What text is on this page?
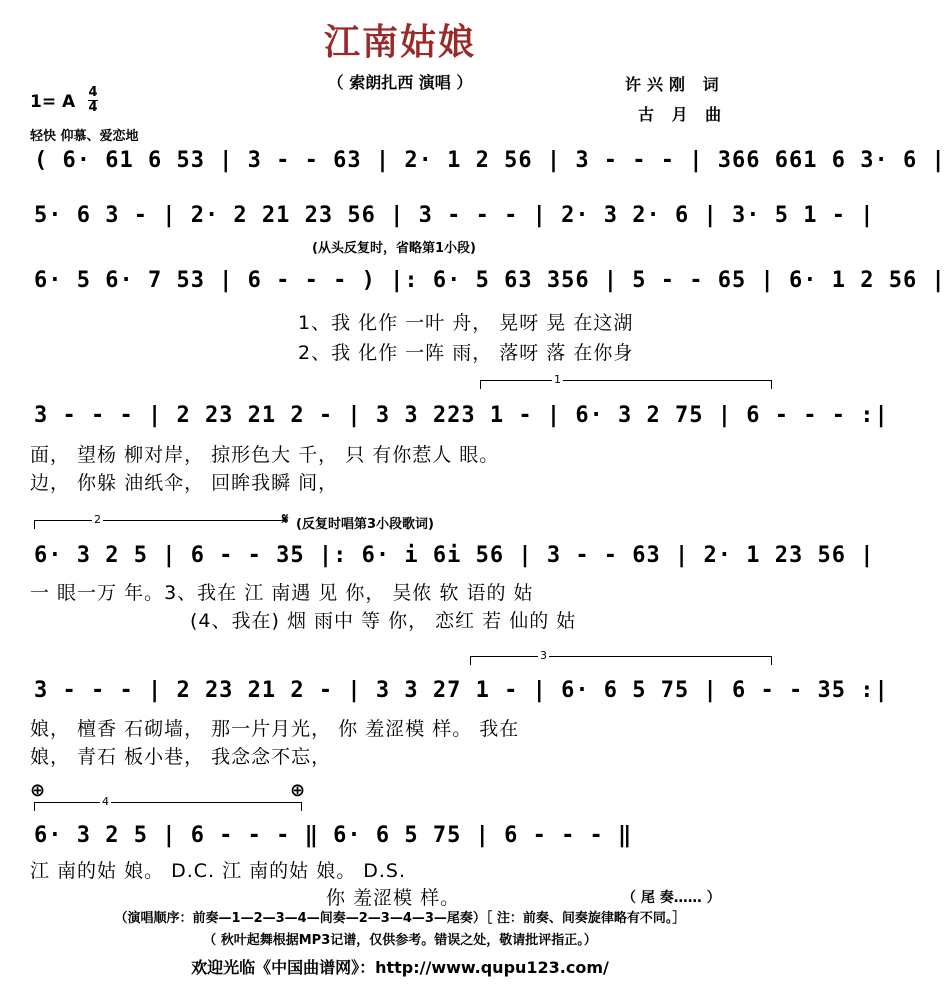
江南姑娘
（ 索朗扎西 演唱 ）	许兴刚 词
古 月 曲
1= A 4
4
轻快 仰慕、爱恋地
( 6· 61 6 53 | 3 - - 63 | 2· 1 2 56 | 3 - - - | 366 661 6 3· 6 |
5· 6 3 - | 2· 2 21 23 56 | 3 - - - | 2· 3 2· 6 | 3· 5 1 - |
(从头反复时，省略第1小段)
6· 5 6· 7 53 | 6 - - - ) |: 6· 5 63 356 | 5 - - 65 | 6· 1 2 56 |
1、我 化作 一叶 舟， 晃呀 晃 在这湖
2、我 化作 一阵 雨， 落呀 落 在你身
1
3 - - - | 2 23 21 2 - | 3 3 223 1 - | 6· 3 2 75 | 6 - - - :|
面， 望杨 柳对岸， 掠形色大 千， 只 有你惹人 眼。
边， 你躲 油纸伞， 回眸我瞬 间，
2	𝄋 (反复时唱第3小段歌词)
6· 3 2 5 | 6 - - 35 |: 6· i 6i 56 | 3 - - 63 | 2· 1 23 56 |
一 眼一万 年。3、我在 江 南遇 见 你， 吴侬 软 语的 姑
(4、我在) 烟 雨中 等 你， 恋红 若 仙的 姑
3
3 - - - | 2 23 21 2 - | 3 3 27 1 - | 6· 6 5 75 | 6 - - 35 :|
娘， 檀香 石砌墙， 那一片月光， 你 羞涩模 样。 我在
娘， 青石 板小巷， 我念念不忘，
⊕	⊕
4
6· 3 2 5 | 6 - - - ‖ 6· 6 5 75 | 6 - - - ‖
江 南的姑 娘。 D.C. 江 南的姑 娘。 D.S.
你 羞涩模 样。	（ 尾 奏…… ）
（演唱顺序：前奏—1—2—3—4—间奏—2—3—4—3—尾奏）［ 注：前奏、间奏旋律略有不同。］
（ 秋叶起舞根据MP3记谱，仅供参考。错误之处，敬请批评指正。）
欢迎光临《中国曲谱网》：http://www.qupu123.com/
